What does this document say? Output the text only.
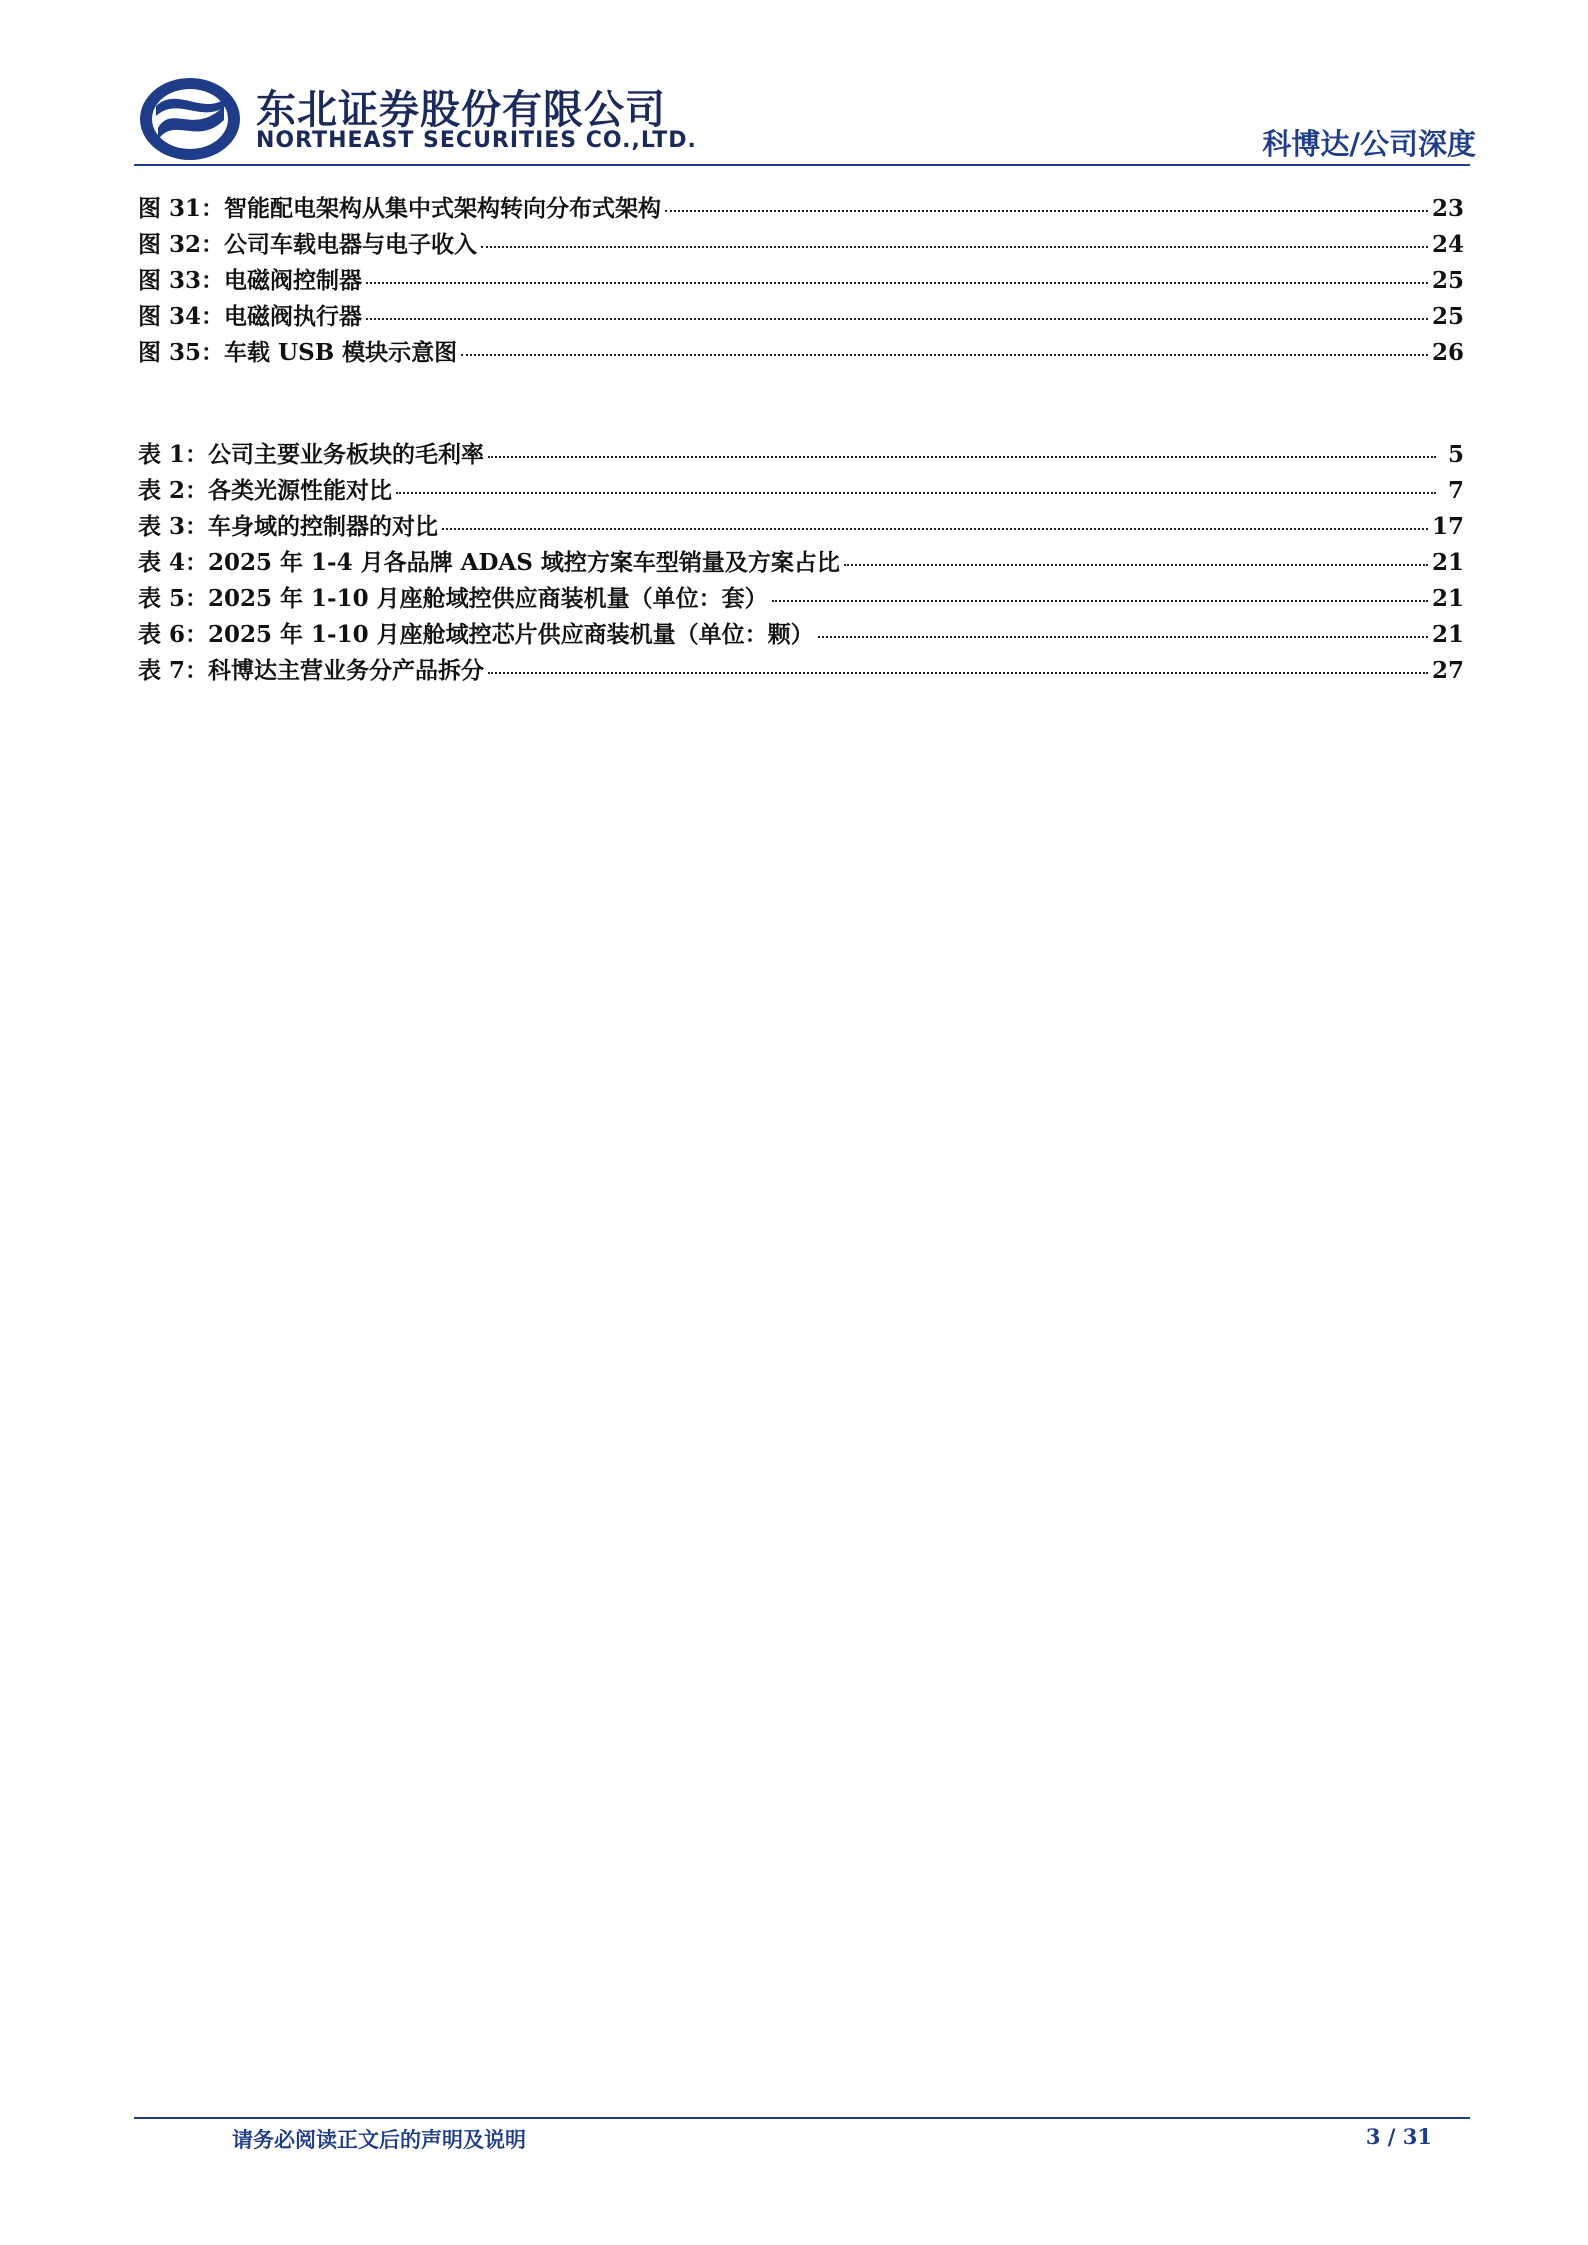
东北证券股份有限公司
NORTHEAST SECURITIES CO.,LTD.	科博达/公司深度
图 31：智能配电架构从集中式架构转向分布式架构	23
图 32：公司车载电器与电子收入	24
图 33：电磁阀控制器	25
图 34：电磁阀执行器	25
图 35：车载 USB 模块示意图	26
表 1：公司主要业务板块的毛利率	5
表 2：各类光源性能对比	7
表 3：车身域的控制器的对比	17
表 4：2025 年 1-4 月各品牌 ADAS 域控方案车型销量及方案占比	21
表 5：2025 年 1-10 月座舱域控供应商装机量（单位：套）	21
表 6：2025 年 1-10 月座舱域控芯片供应商装机量（单位：颗）	21
表 7：科博达主营业务分产品拆分	27
请务必阅读正文后的声明及说明	3 / 31
